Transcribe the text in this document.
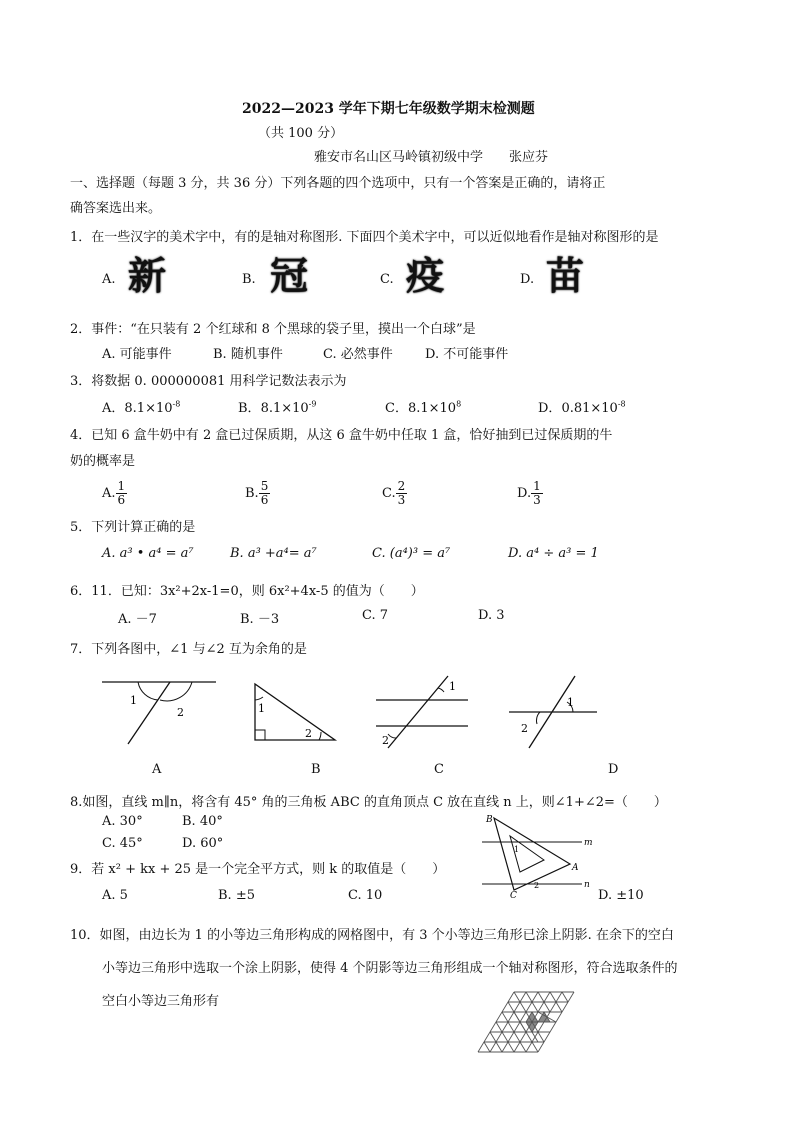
2022—2023 学年下期七年级数学期末检测题
（共 100 分）
雅安市名山区马岭镇初级中学　　张应芬
一、选择题（每题 3 分，共 36 分）下列各题的四个选项中，只有一个答案是正确的，请将正
确答案选出来。
1．在一些汉字的美术字中，有的是轴对称图形. 下面四个美术字中，可以近似地看作是轴对称图形的是
A. 新	B. 冠	C. 疫	D. 苗
2．事件：“在只装有 2 个红球和 8 个黑球的袋子里，摸出一个白球”是
A. 可能事件	B. 随机事件	C. 必然事件 D. 不可能事件
3．将数据 0. 000000081 用科学记数法表示为
A．$8.1\times 10^{-8}$	B．$8.1\times 10^{-9}$	C．$8.1\times 10^8$	D．$0.81\times 10^{-8}$
4．已知 6 盒牛奶中有 2 盒已过保质期，从这 6 盒牛奶中任取 1 盒，恰好抽到已过保质期的牛
奶的概率是
A. $\frac{1}{6}$	B. $\frac{5}{6}$	C. $\frac{2}{3}$	D. $\frac{1}{3}$
5．下列计算正确的是
A. a³ • a⁴ = a⁷	B. a³ +a⁴= a⁷	C. (a⁴)³ = a⁷	D. a⁴ ÷ a³ = 1
6．11．已知：3x²+2x-1=0，则 6x²+4x-5 的值为（　　）
A. －7	B. －3	C. 7	D. 3
7．下列各图中，∠1 与∠2 互为余角的是
1
2
A
1
2
B
1
2
C
1
2
D
8.如图，直线 m∥n，将含有 45° 角的三角板 ABC 的直角顶点 C 放在直线 n 上，则∠1+∠2=（　　）
A. 30°	B. 40°
C. 45°	D. 60°
B
A
C
m
n
1
2
9．若 x² + kx + 25 是一个完全平方式，则 k 的取值是（　　）
A. 5	B. ±5	C. 10	D. ±10
10．如图，由边长为 1 的小等边三角形构成的网格图中，有 3 个小等边三角形已涂上阴影. 在余下的空白
小等边三角形中选取一个涂上阴影，使得 4 个阴影等边三角形组成一个轴对称图形，符合选取条件的
空白小等边三角形有
